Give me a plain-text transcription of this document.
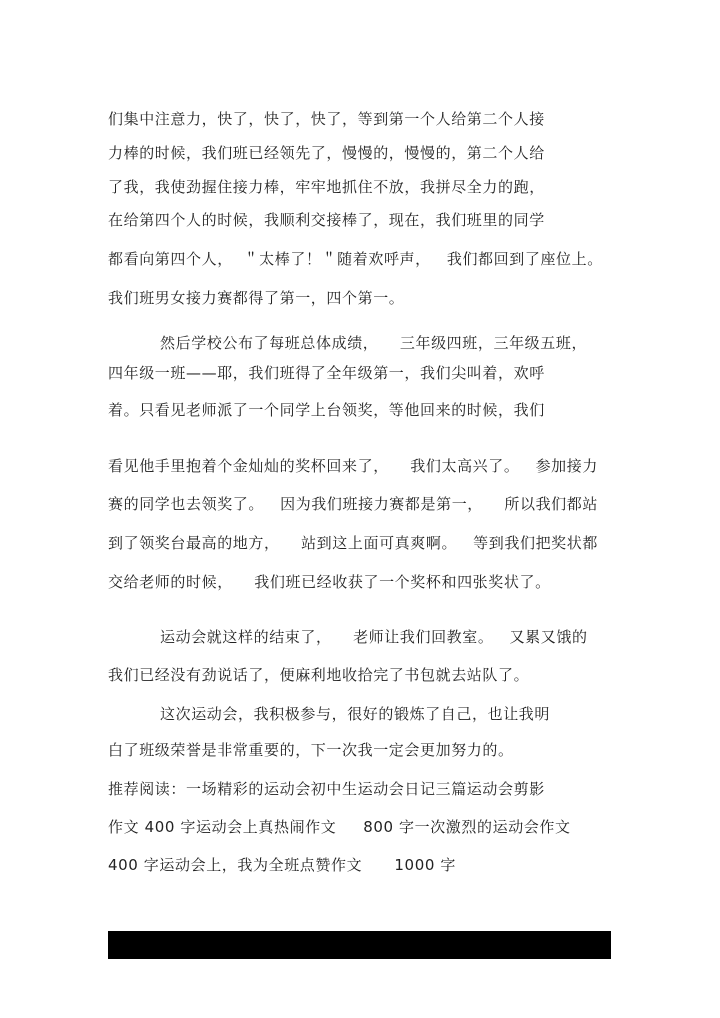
们集中注意力，快了，快了，快了，等到第一个人给第二个人接
力棒的时候，我们班已经领先了，慢慢的，慢慢的，第二个人给
了我，我使劲握住接力棒，牢牢地抓住不放，我拼尽全力的跑，
在给第四个人的时候，我顺利交接棒了，现在，我们班里的同学
都看向第四个人，  ＂太棒了！＂随着欢呼声，   我们都回到了座位上。
我们班男女接力赛都得了第一，四个第一。
然后学校公布了每班总体成绩，    三年级四班，三年级五班，
四年级一班——耶，我们班得了全年级第一，我们尖叫着，欢呼
着。只看见老师派了一个同学上台领奖，等他回来的时候，我们
看见他手里抱着个金灿灿的奖杯回来了，    我们太高兴了。   参加接力
赛的同学也去领奖了。   因为我们班接力赛都是第一，    所以我们都站
到了领奖台最高的地方，    站到这上面可真爽啊。   等到我们把奖状都
交给老师的时候，    我们班已经收获了一个奖杯和四张奖状了。
运动会就这样的结束了，    老师让我们回教室。   又累又饿的
我们已经没有劲说话了，便麻利地收拾完了书包就去站队了。
这次运动会，我积极参与，很好的锻炼了自己，也让我明
白了班级荣誉是非常重要的，下一次我一定会更加努力的。
推荐阅读：一场精彩的运动会初中生运动会日记三篇运动会剪影
作文 400 字运动会上真热闹作文     800 字一次激烈的运动会作文
400 字运动会上，我为全班点赞作文      1000 字
